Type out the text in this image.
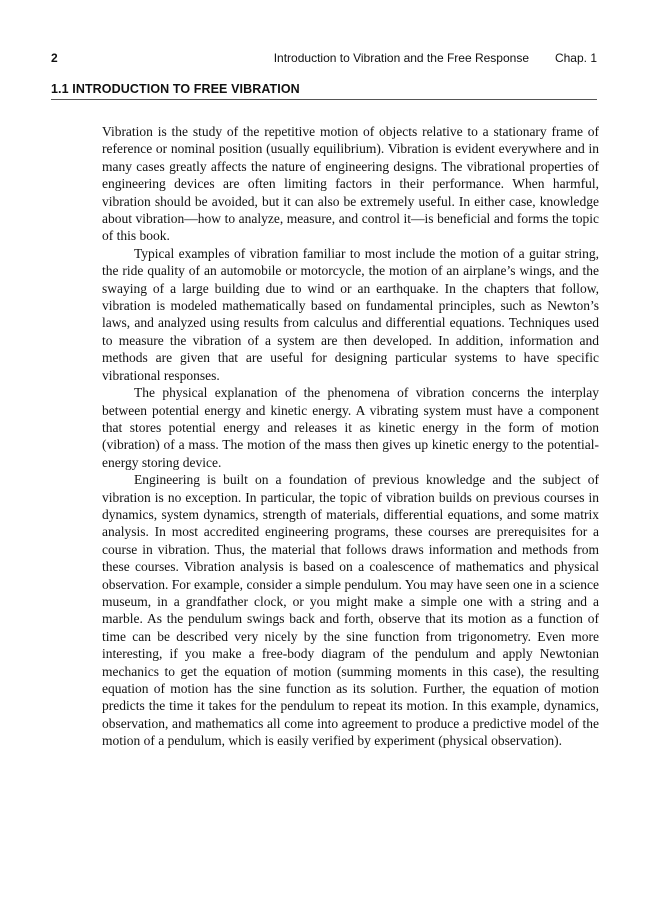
2	Introduction to Vibration and the Free Response Chap. 1
1.1 INTRODUCTION TO FREE VIBRATION

Vibration is the study of the repetitive motion of objects relative to a stationary frame of reference or nominal position (usually equilibrium). Vibration is evident everywhere and in many cases greatly affects the nature of engineering designs. The vibrational properties of engineering devices are often limiting factors in their performance. When harmful, vibration should be avoided, but it can also be extremely useful. In either case, knowledge about vibration—how to analyze, measure, and control it—is beneficial and forms the topic of this book.

Typical examples of vibration familiar to most include the motion of a guitar string, the ride quality of an automobile or motorcycle, the motion of an airplane’s wings, and the swaying of a large building due to wind or an earthquake. In the chapters that follow, vibration is modeled mathematically based on fundamental principles, such as Newton’s laws, and analyzed using results from calculus and differential equations. Techniques used to measure the vibration of a system are then developed. In addition, information and methods are given that are useful for designing particular systems to have specific vibrational responses.

The physical explanation of the phenomena of vibration concerns the interplay between potential energy and kinetic energy. A vibrating system must have a component that stores potential energy and releases it as kinetic energy in the form of motion (vibration) of a mass. The motion of the mass then gives up kinetic energy to the potential-energy storing device.

Engineering is built on a foundation of previous knowledge and the subject of vibration is no exception. In particular, the topic of vibration builds on previous courses in dynamics, system dynamics, strength of materials, differential equations, and some matrix analysis. In most accredited engineering programs, these courses are prerequisites for a course in vibration. Thus, the material that follows draws information and methods from these courses. Vibration analysis is based on a coalescence of mathematics and physical observation. For example, consider a simple pendulum. You may have seen one in a science museum, in a grandfather clock, or you might make a simple one with a string and a marble. As the pendulum swings back and forth, observe that its motion as a function of time can be described very nicely by the sine function from trigonometry. Even more interesting, if you make a free-body diagram of the pendulum and apply Newtonian mechanics to get the equation of motion (summing moments in this case), the resulting equation of motion has the sine function as its solution. Further, the equation of motion predicts the time it takes for the pendulum to repeat its motion. In this example, dynamics, observation, and mathematics all come into agreement to produce a predictive model of the motion of a pendulum, which is easily verified by experiment (physical observation).
